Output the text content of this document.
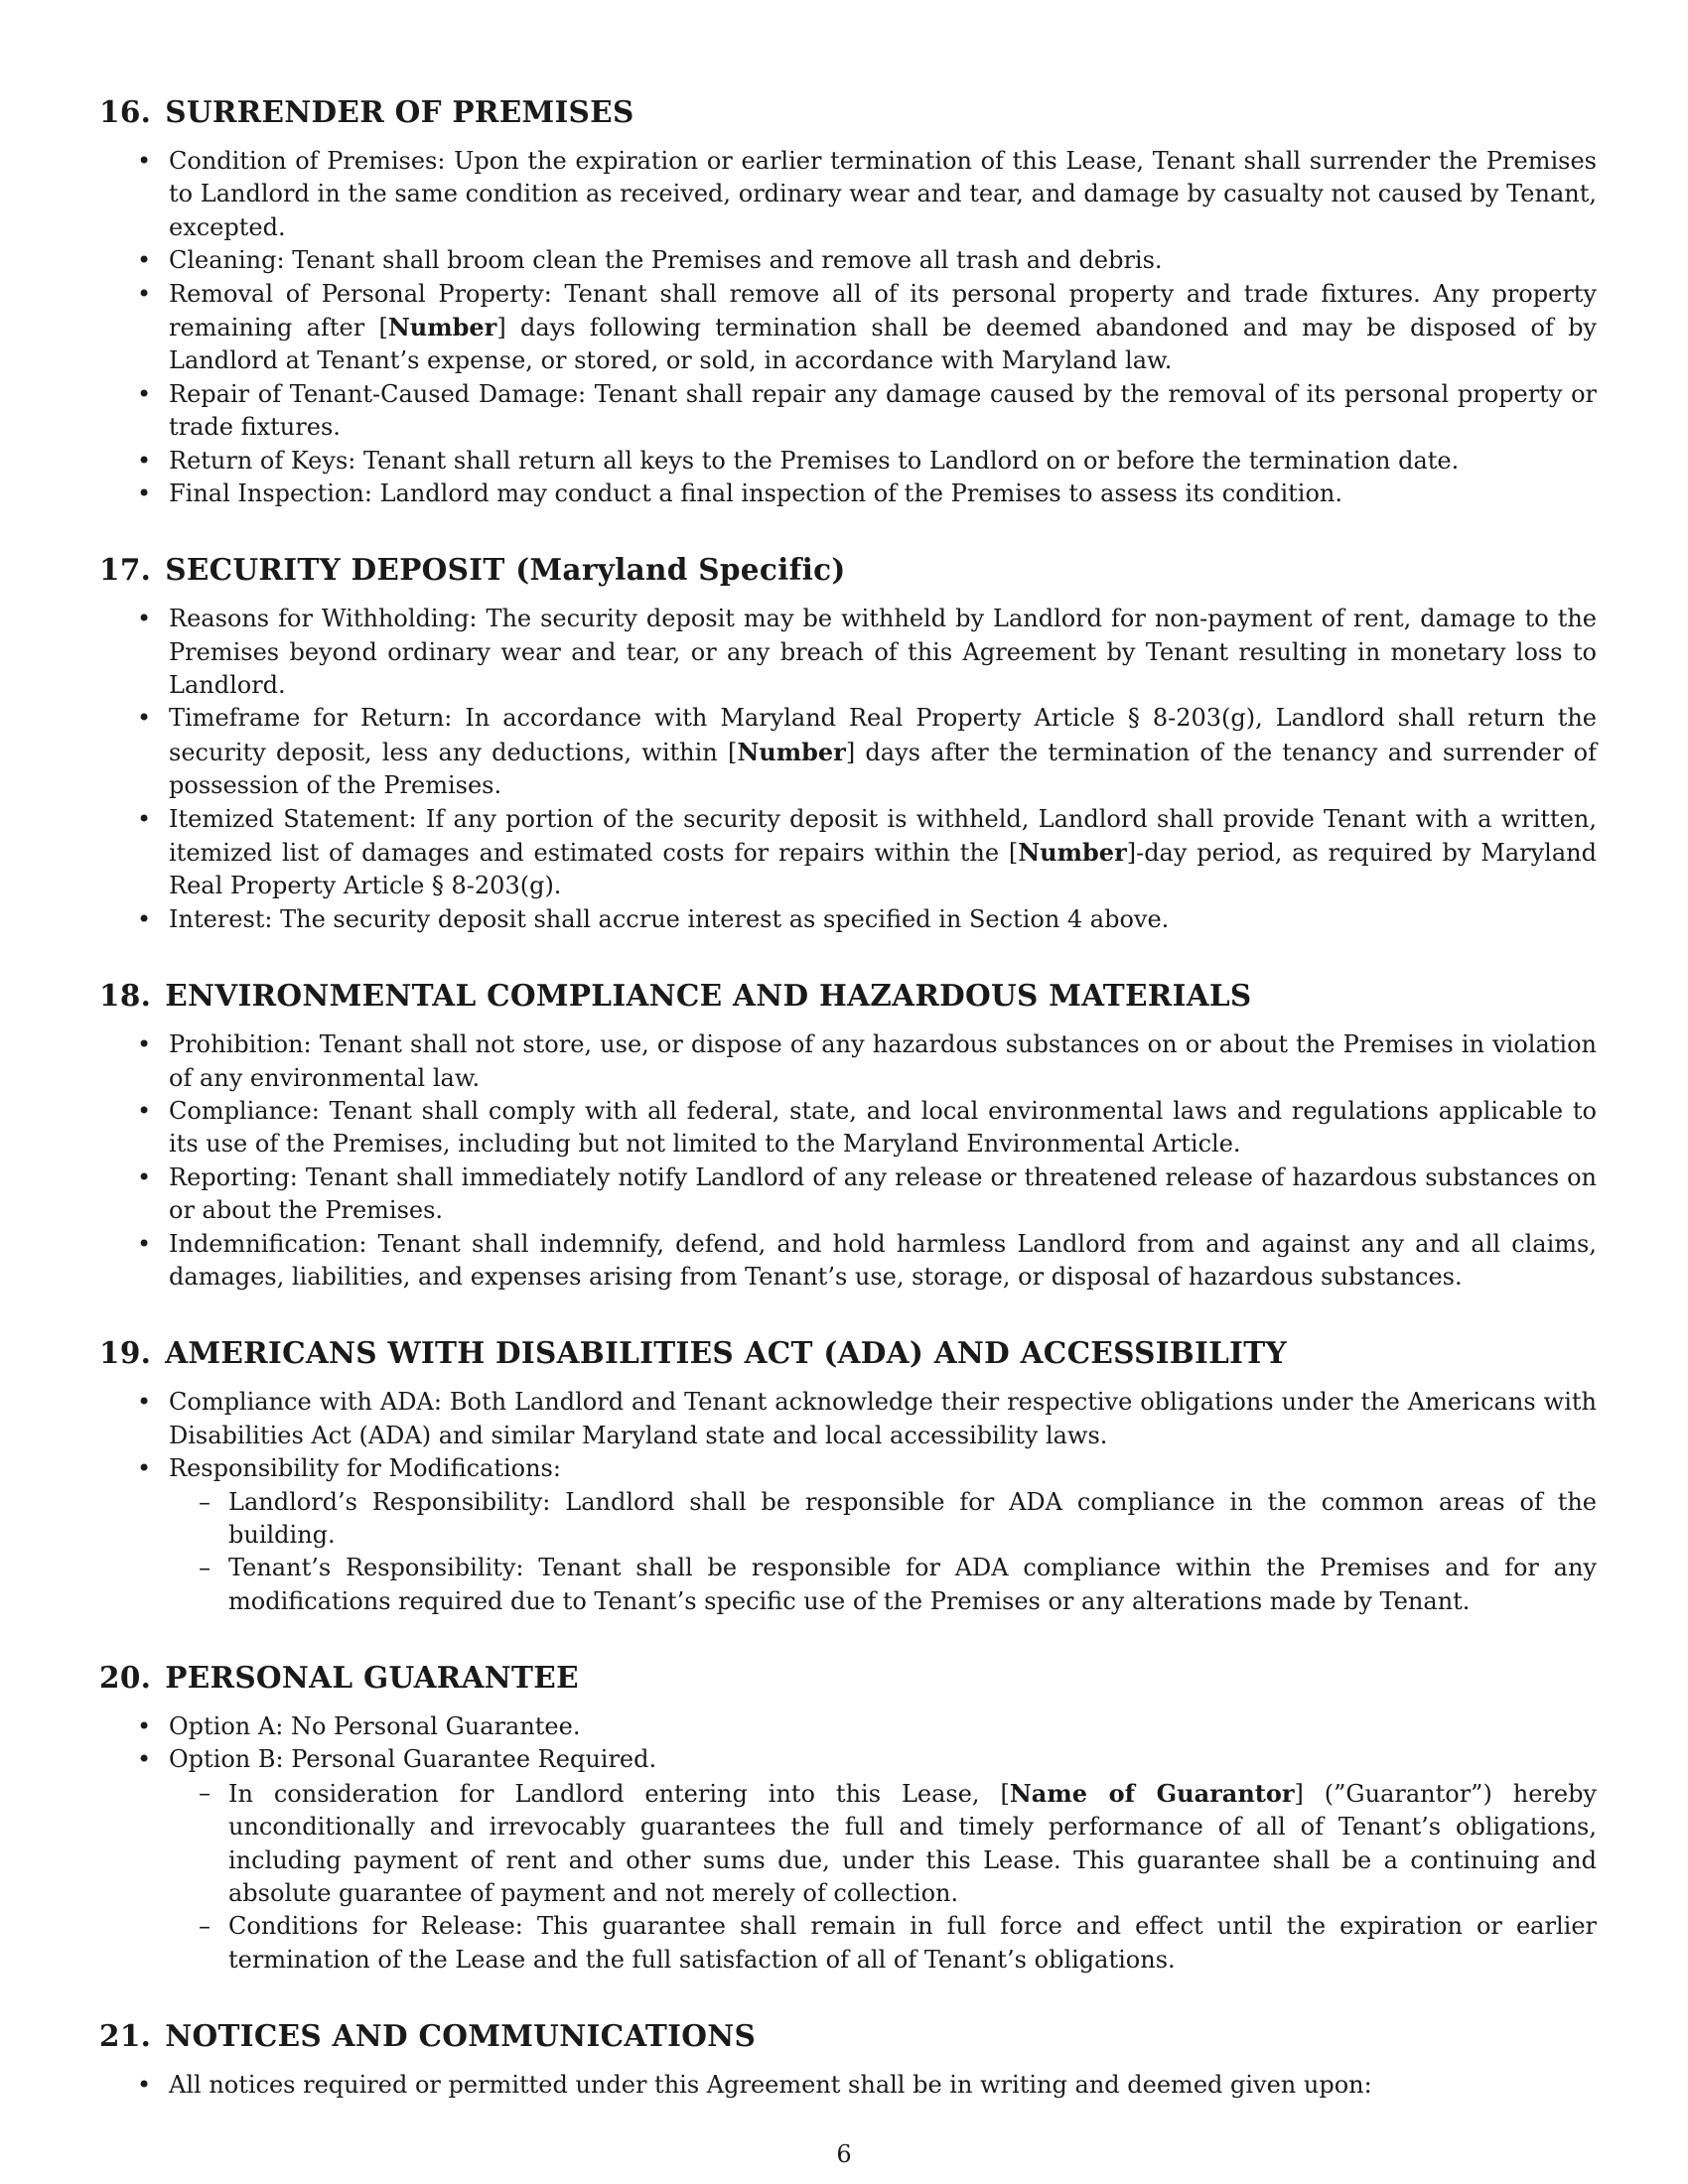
16. SURRENDER OF PREMISES
• Condition of Premises: Upon the expiration or earlier termination of this Lease, Tenant shall surrender the Premises to Landlord in the same condition as received, ordinary wear and tear, and damage by casualty not caused by Tenant, excepted.
• Cleaning: Tenant shall broom clean the Premises and remove all trash and debris.
• Removal of Personal Property: Tenant shall remove all of its personal property and trade fixtures. Any property remaining after [Number] days following termination shall be deemed abandoned and may be disposed of by Landlord at Tenant’s expense, or stored, or sold, in accordance with Maryland law.
• Repair of Tenant-Caused Damage: Tenant shall repair any damage caused by the removal of its personal property or trade fixtures.
• Return of Keys: Tenant shall return all keys to the Premises to Landlord on or before the termination date.
• Final Inspection: Landlord may conduct a final inspection of the Premises to assess its condition.
17. SECURITY DEPOSIT (Maryland Specific)
• Reasons for Withholding: The security deposit may be withheld by Landlord for non-payment of rent, damage to the Premises beyond ordinary wear and tear, or any breach of this Agreement by Tenant resulting in monetary loss to Landlord.
• Timeframe for Return: In accordance with Maryland Real Property Article § 8-203(g), Landlord shall return the security deposit, less any deductions, within [Number] days after the termination of the tenancy and surrender of possession of the Premises.
• Itemized Statement: If any portion of the security deposit is withheld, Landlord shall provide Tenant with a written, itemized list of damages and estimated costs for repairs within the [Number]-day period, as required by Maryland Real Property Article § 8-203(g).
• Interest: The security deposit shall accrue interest as specified in Section 4 above.
18. ENVIRONMENTAL COMPLIANCE AND HAZARDOUS MATERIALS
• Prohibition: Tenant shall not store, use, or dispose of any hazardous substances on or about the Premises in violation of any environmental law.
• Compliance: Tenant shall comply with all federal, state, and local environmental laws and regulations applicable to its use of the Premises, including but not limited to the Maryland Environmental Article.
• Reporting: Tenant shall immediately notify Landlord of any release or threatened release of hazardous substances on or about the Premises.
• Indemnification: Tenant shall indemnify, defend, and hold harmless Landlord from and against any and all claims, damages, liabilities, and expenses arising from Tenant’s use, storage, or disposal of hazardous substances.
19. AMERICANS WITH DISABILITIES ACT (ADA) AND ACCESSIBILITY
• Compliance with ADA: Both Landlord and Tenant acknowledge their respective obligations under the Americans with Disabilities Act (ADA) and similar Maryland state and local accessibility laws.
• Responsibility for Modifications:
– Landlord’s Responsibility: Landlord shall be responsible for ADA compliance in the common areas of the building.
– Tenant’s Responsibility: Tenant shall be responsible for ADA compliance within the Premises and for any modifications required due to Tenant’s specific use of the Premises or any alterations made by Tenant.
20. PERSONAL GUARANTEE
• Option A: No Personal Guarantee.
• Option B: Personal Guarantee Required.
– In consideration for Landlord entering into this Lease, [Name of Guarantor] (”Guarantor”) hereby unconditionally and irrevocably guarantees the full and timely performance of all of Tenant’s obligations, including payment of rent and other sums due, under this Lease. This guarantee shall be a continuing and absolute guarantee of payment and not merely of collection.
– Conditions for Release: This guarantee shall remain in full force and effect until the expiration or earlier termination of the Lease and the full satisfaction of all of Tenant’s obligations.
21. NOTICES AND COMMUNICATIONS
• All notices required or permitted under this Agreement shall be in writing and deemed given upon:
6
